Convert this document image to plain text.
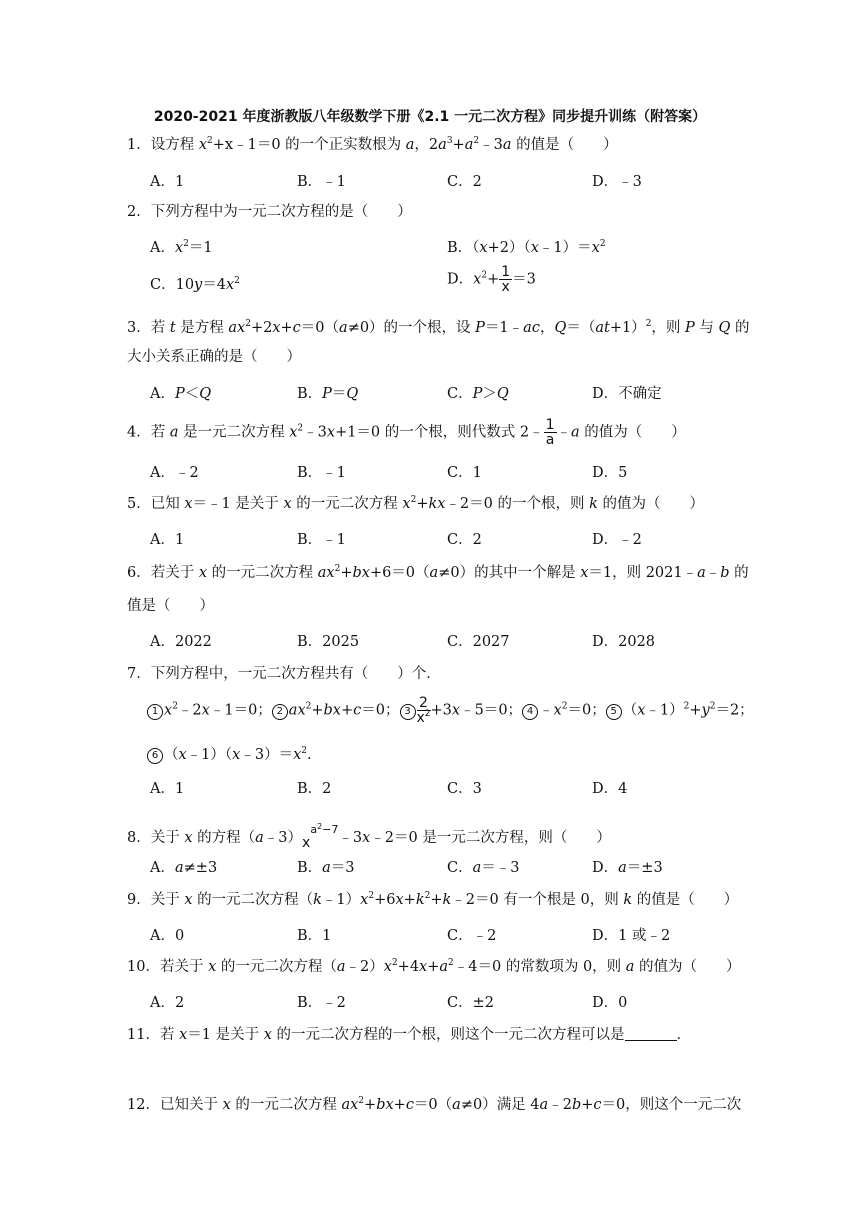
2020-2021 年度浙教版八年级数学下册《2.1 一元二次方程》同步提升训练（附答案）
1．设方程 $x^2+x﹣1=0$ 的一个正实数根为 a，$2a^3+a^2﹣3a$ 的值是（　　）
A．1	B．﹣1	C．2	D．﹣3
2．下列方程中为一元二次方程的是（　　）
A．$x^2=1$	B．$(x+2)(x﹣1)=x^2$
C．$10y=4x^2$	D．$x^2+ \frac{1}{x} =3$
3．若 t 是方程 $ax^2+2x+c=0(a\ne 0)$的一个根，设 P＝1﹣ac，$Q=(at+1)^2$，则 P 与 Q 的
大小关系正确的是（　　）
A．P＜Q	B．P＝Q	C．P＞Q	D．不确定
4．若 a 是一元二次方程 $x^2﹣3x+1=0$ 的一个根，则代数式 2﹣ $\frac{1}{a}$ ﹣a 的值为（　　）
A．﹣2	B．﹣1	C．1	D．5
5．已知 x＝﹣1 是关于 x 的一元二次方程 $x^2+kx﹣2=0$ 的一个根，则 k 的值为（　　）
A．1	B．﹣1	C．2	D．﹣2
6．若关于 x 的一元二次方程 $ax^2+bx+6=0(a\ne 0)$的其中一个解是 x＝1，则 2021﹣a﹣b 的
值是（　　）
A．2022	B．2025	C．2027	D．2028
7．下列方程中，一元二次方程共有（　　）个．
1 $x^2﹣2x﹣1=0$； 2 $ax^2+bx+c=0$； $3 \frac{2}{x^2}$ +3x﹣5＝0； 4 $﹣x^2=0$； 5 $(x﹣1)^2+y^2=2$；
6 $(x﹣1)(x﹣3)=x^2$.
A．1	B．2	C．3	D．4
8．关于 x 的方程$(a﹣3)x^{a^2-7}﹣3x﹣2=0$ 是一元二次方程，则（　　）
A．a≠±3	B．a＝3	C．a＝﹣3	D．a＝±3
9．关于 x 的一元二次方程$(k﹣1)x^2+6x+k^2+k﹣2=0$ 有一个根是 0，则 k 的值是（　　）
A．0	B．1	C．﹣2	D．1 或﹣2
10．若关于 x 的一元二次方程$(a﹣2)x^2+4x+a^2﹣4=0$ 的常数项为 0，则 a 的值为（　　）
A．2	B．﹣2	C．±2	D．0
11．若 x＝1 是关于 x 的一元二次方程的一个根，则这个一元二次方程可以是	．
12．已知关于 x 的一元二次方程 $ax^2+bx+c=0(a\ne 0)$满足 4a﹣2b+c＝0，则这个一元二次
